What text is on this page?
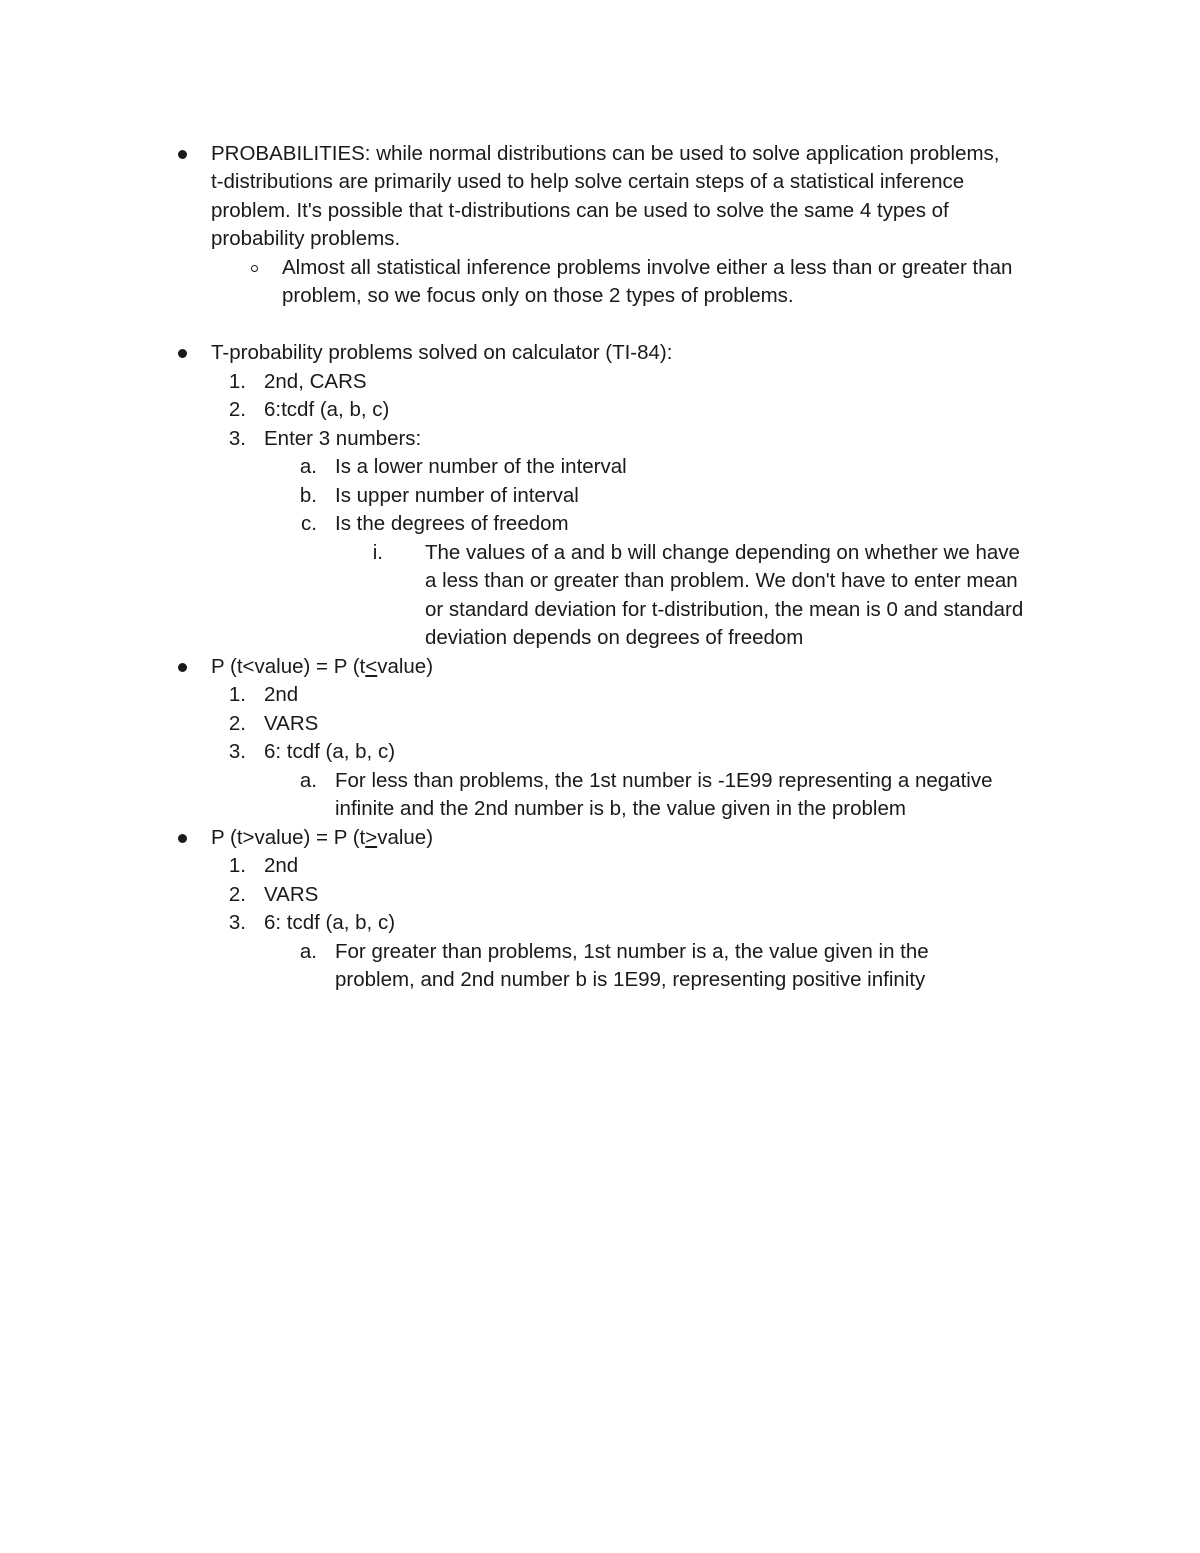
PROBABILITIES: while normal distributions can be used to solve application problems,

t-distributions are primarily used to help solve certain steps of a statistical inference

problem. It's possible that t-distributions can be used to solve the same 4 types of

probability problems.

Almost all statistical inference problems involve either a less than or greater than

problem, so we focus only on those 2 types of problems.

T-probability problems solved on calculator (TI-84):

1. 2nd, CARS

2. 6:tcdf (a, b, c)

3. Enter 3 numbers:

a. Is a lower number of the interval

b. Is upper number of interval

c. Is the degrees of freedom

i.	The values of a and b will change depending on whether we have

a less than or greater than problem. We don't have to enter mean

or standard deviation for t-distribution, the mean is 0 and standard

deviation depends on degrees of freedom

P (t<value) = P (t<value)

1. 2nd

2. VARS

3. 6: tcdf (a, b, c)

a. For less than problems, the 1st number is -1E99 representing a negative

infinite and the 2nd number is b, the value given in the problem

P (t>value) = P (t>value)

1. 2nd

2. VARS

3. 6: tcdf (a, b, c)

a. For greater than problems, 1st number is a, the value given in the

problem, and 2nd number b is 1E99, representing positive infinity
